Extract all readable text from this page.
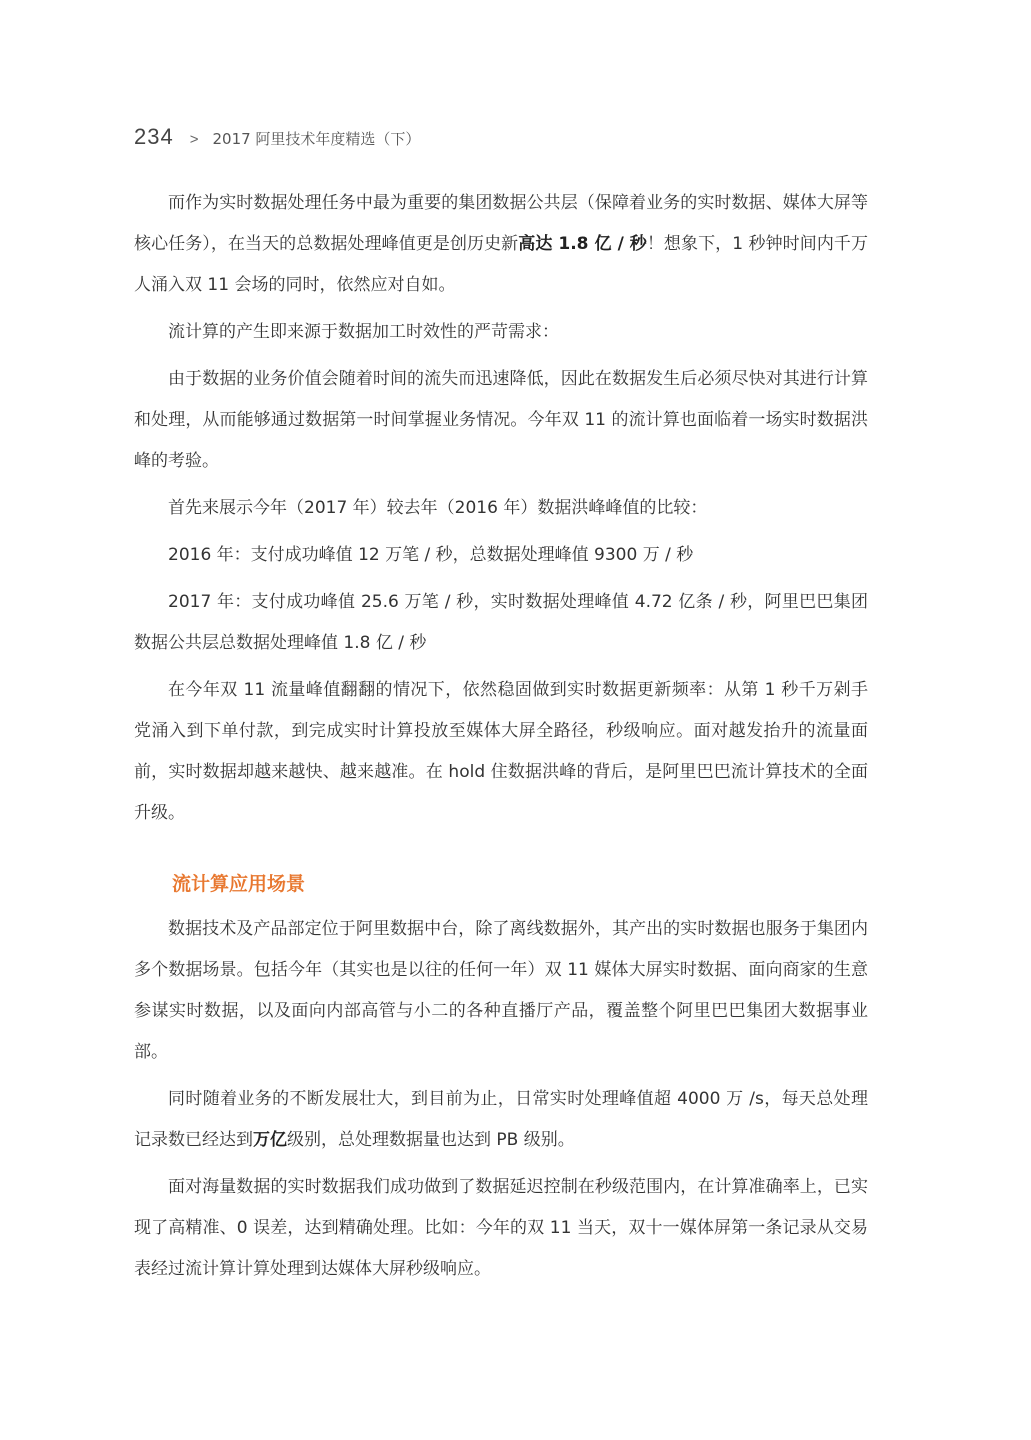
234 > 2017 阿里技术年度精选（下）

而作为实时数据处理任务中最为重要的集团数据公共层（保障着业务的实时数据、媒体大屏等核心任务），在当天的总数据处理峰值更是创历史新高达 1.8 亿 / 秒！想象下，1 秒钟时间内千万人涌入双 11 会场的同时，依然应对自如。

流计算的产生即来源于数据加工时效性的严苛需求：

由于数据的业务价值会随着时间的流失而迅速降低，因此在数据发生后必须尽快对其进行计算和处理，从而能够通过数据第一时间掌握业务情况。今年双 11 的流计算也面临着一场实时数据洪峰的考验。

首先来展示今年（2017 年）较去年（2016 年）数据洪峰峰值的比较：

2016 年：支付成功峰值 12 万笔 / 秒，总数据处理峰值 9300 万 / 秒

2017 年：支付成功峰值 25.6 万笔 ∕ 秒，实时数据处理峰值 4.72 亿条 / 秒，阿里巴巴集团数据公共层总数据处理峰值 1.8 亿 / 秒

在今年双 11 流量峰值翻翻的情况下，依然稳固做到实时数据更新频率：从第 1 秒千万剁手党涌入到下单付款，到完成实时计算投放至媒体大屏全路径，秒级响应。面对越发抬升的流量面前，实时数据却越来越快、越来越准。在 hold 住数据洪峰的背后，是阿里巴巴流计算技术的全面升级。

流计算应用场景

数据技术及产品部定位于阿里数据中台，除了离线数据外，其产出的实时数据也服务于集团内多个数据场景。包括今年（其实也是以往的任何一年）双 11 媒体大屏实时数据、面向商家的生意参谋实时数据，以及面向内部高管与小二的各种直播厅产品，覆盖整个阿里巴巴集团大数据事业部。

同时随着业务的不断发展壮大，到目前为止，日常实时处理峰值超 4000 万 /s，每天总处理记录数已经达到万亿级别，总处理数据量也达到 PB 级别。

面对海量数据的实时数据我们成功做到了数据延迟控制在秒级范围内，在计算准确率上，已实现了高精准、0 误差，达到精确处理。比如：今年的双 11 当天，双十一媒体屏第一条记录从交易表经过流计算计算处理到达媒体大屏秒级响应。
